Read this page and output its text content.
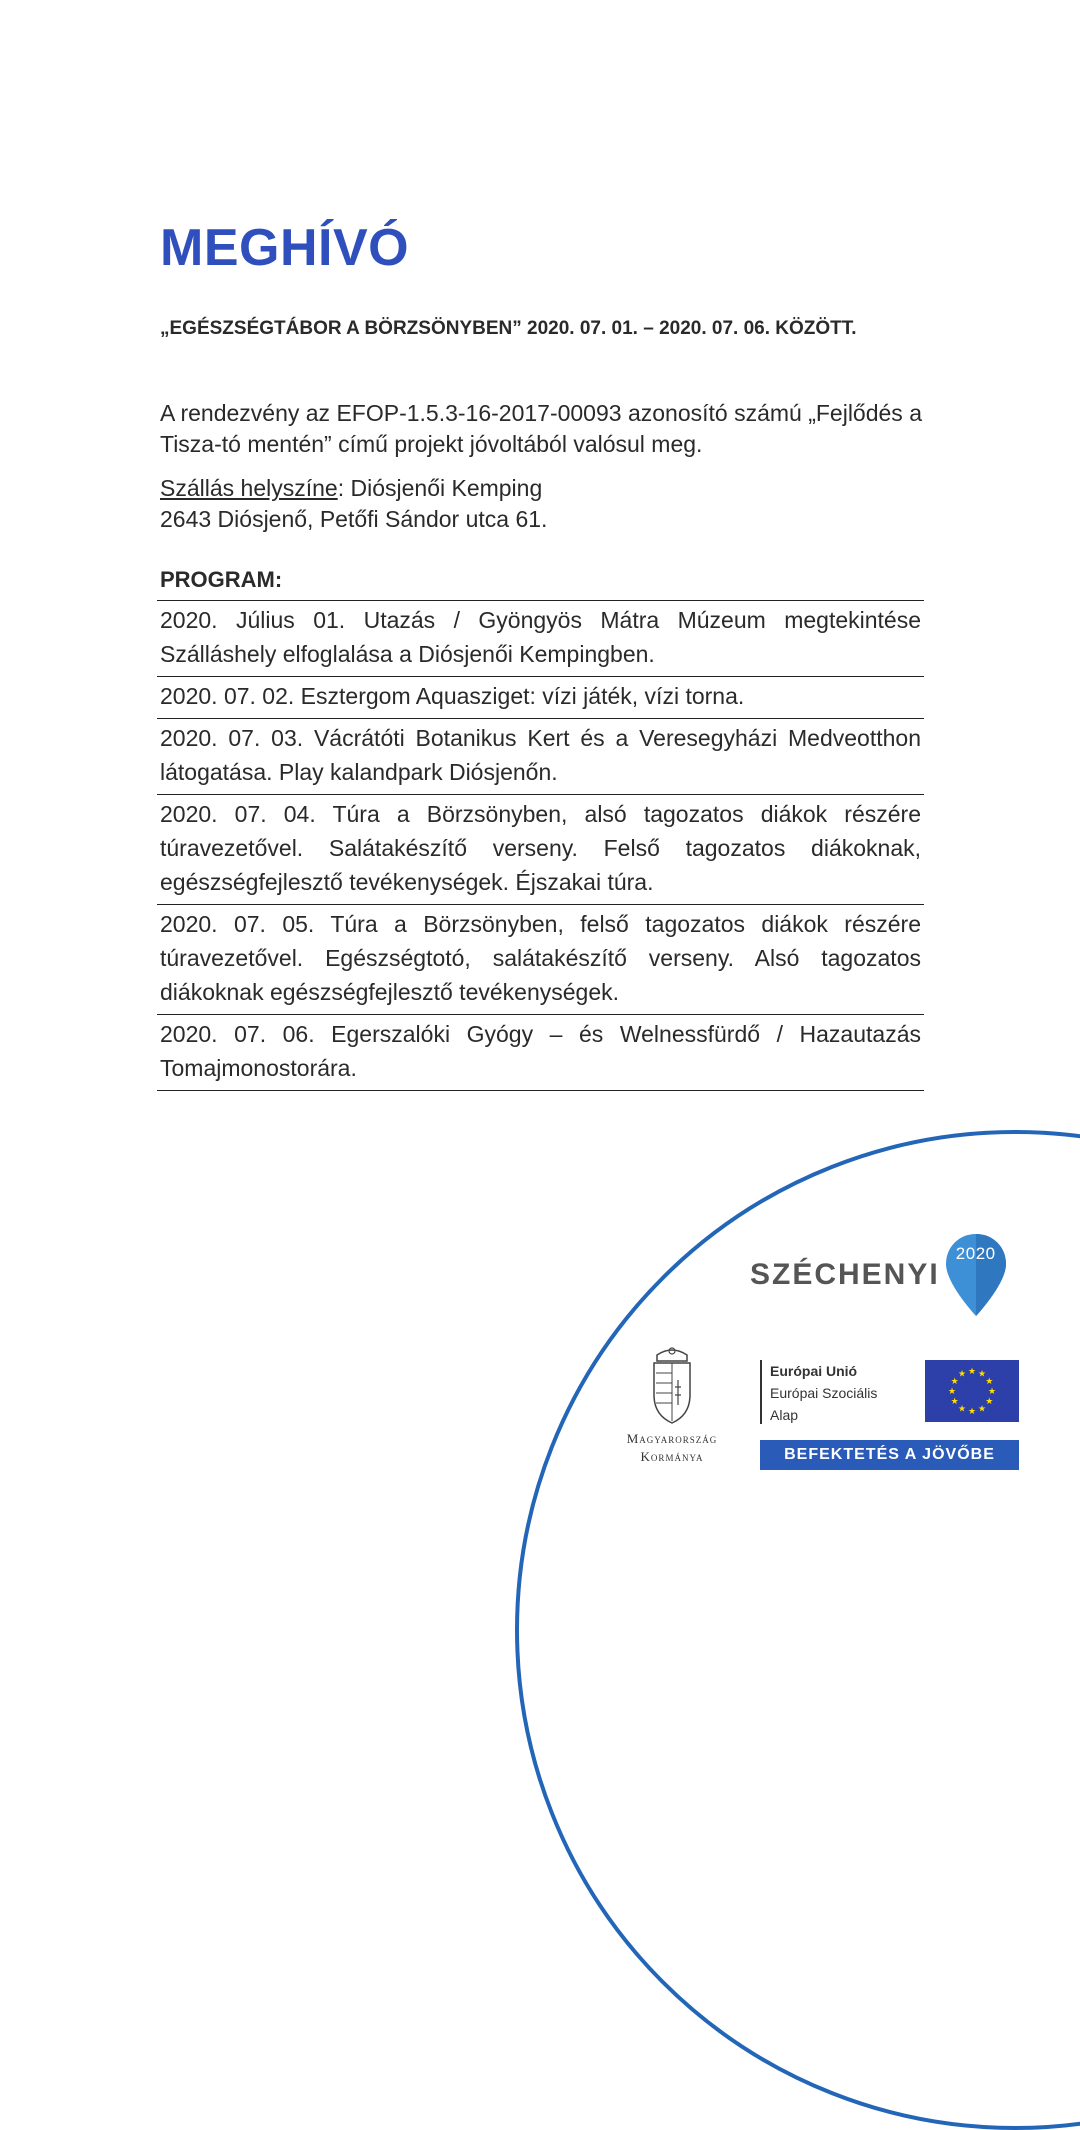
MEGHÍVÓ
„EGÉSZSÉGTÁBOR A BÖRZSÖNYBEN” 2020. 07. 01. – 2020. 07. 06. KÖZÖTT.
A rendezvény az EFOP-1.5.3-16-2017-00093 azonosító számú „Fejlődés a Tisza-tó mentén” című projekt jóvoltából valósul meg.
Szállás helyszíne: Diósjenői Kemping
2643 Diósjenő, Petőfi Sándor utca 61.
PROGRAM:
2020. Július 01. Utazás / Gyöngyös Mátra Múzeum megtekintése Szálláshely elfoglalása a Diósjenői Kempingben.
2020. 07. 02. Esztergom Aquasziget: vízi játék, vízi torna.
2020. 07. 03. Vácrátóti Botanikus Kert és a Veresegyházi Medveotthon látogatása. Play kalandpark Diósjenőn.
2020. 07. 04. Túra a Börzsönyben, alsó tagozatos diákok részére túravezetővel. Salátakészítő verseny. Felső tagozatos diákoknak, egészségfejlesztő tevékenységek. Éjszakai túra.
2020. 07. 05. Túra a Börzsönyben, felső tagozatos diákok részére túravezetővel. Egészségtotó, salátakészítő verseny. Alsó tagozatos diákoknak egészségfejlesztő tevékenységek.
2020. 07. 06. Egerszalóki Gyógy – és Welnessfürdő / Hazautazás Tomajmonostorára.
SZÉCHENYI
2020
Magyarország
Kormánya
Európai Unió
Európai Szociális
Alap
★
★
★
★
★
★
★
★
★ ★ ★
★
BEFEKTETÉS A JÖVŐBE
